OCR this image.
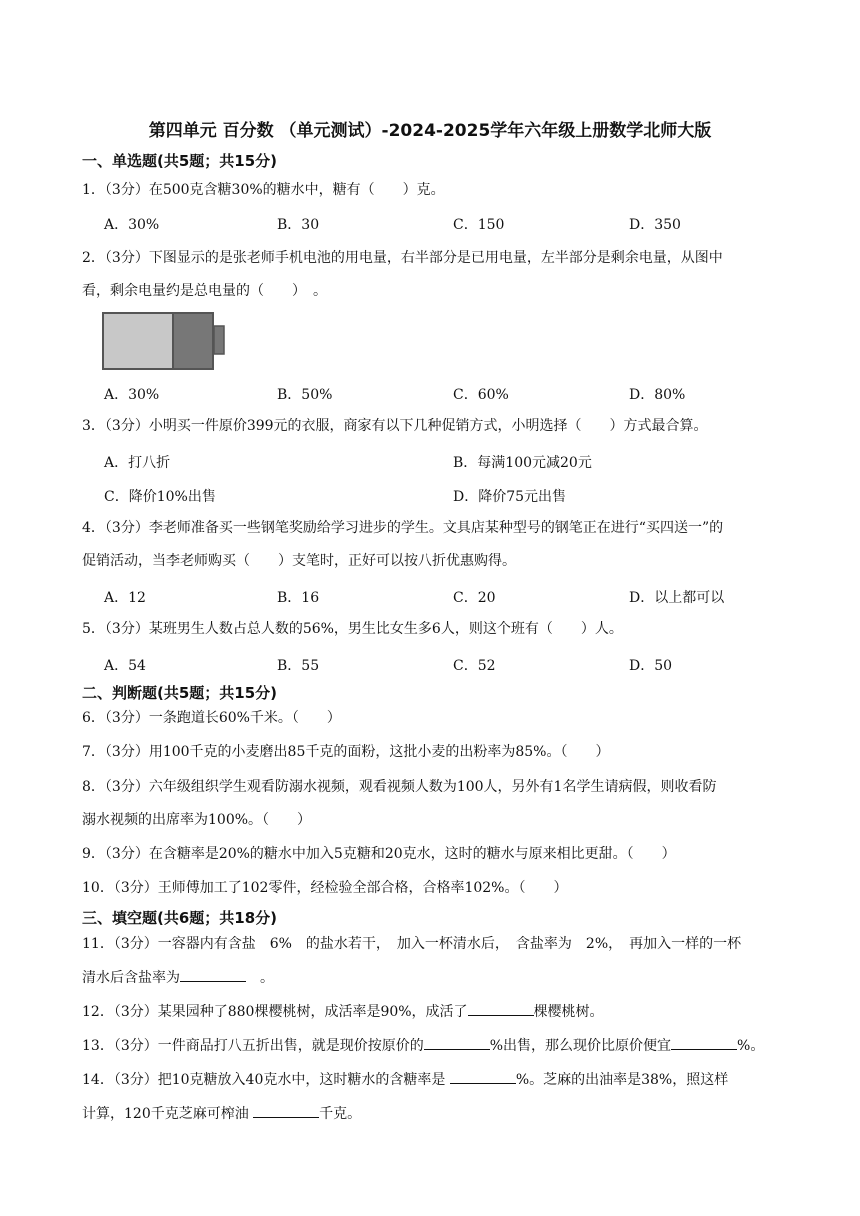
第四单元 百分数 （单元测试）-2024-2025学年六年级上册数学北师大版
一、单选题(共5题；共15分)
1．（3分）在500克含糖30%的糖水中，糖有（　　）克。
A．30%	B．30	C．150	D．350
2．（3分）下图显示的是张老师手机电池的用电量，右半部分是已用电量，左半部分是剩余电量，从图中
看，剩余电量约是总电量的（　　）　。
A．30%	B．50%	C．60%	D．80%
3．（3分）小明买一件原价399元的衣服，商家有以下几种促销方式，小明选择（　　）方式最合算。
A．打八折	B．每满100元减20元
C．降价10%出售	D．降价75元出售
4．（3分）李老师准备买一些钢笔奖励给学习进步的学生。文具店某种型号的钢笔正在进行“买四送一”的
促销活动，当李老师购买（　　）支笔时，正好可以按八折优惠购得。
A．12	B．16	C．20	D．以上都可以
5．（3分）某班男生人数占总人数的56%，男生比女生多6人，则这个班有（　　）人。
A．54	B．55	C．52	D．50
二、判断题(共5题；共15分)
6．（3分）一条跑道长60%千米。（　　）
7．（3分）用100千克的小麦磨出85千克的面粉，这批小麦的出粉率为85%。（　　）
8．（3分）六年级组织学生观看防溺水视频，观看视频人数为100人，另外有1名学生请病假，则收看防
溺水视频的出席率为100%。（　　）
9．（3分）在含糖率是20%的糖水中加入5克糖和20克水，这时的糖水与原来相比更甜。（　　）
10．（3分）王师傅加工了102零件，经检验全部合格，合格率102%。（　　）
三、填空题(共6题；共18分)
11．（3分）一容器内有含盐　6%　的盐水若干，　加入一杯清水后，　含盐率为　2%，　再加入一样的一杯
清水后含盐率为	　。
12．（3分）某果园种了880棵樱桃树，成活率是90%，成活了	棵樱桃树。
13．（3分）一件商品打八五折出售，就是现价按原价的	%出售，那么现价比原价便宜	%。
14．（3分）把10克糖放入40克水中，这时糖水的含糖率是	%。芝麻的出油率是38%，照这样
计算，120千克芝麻可榨油	千克。
